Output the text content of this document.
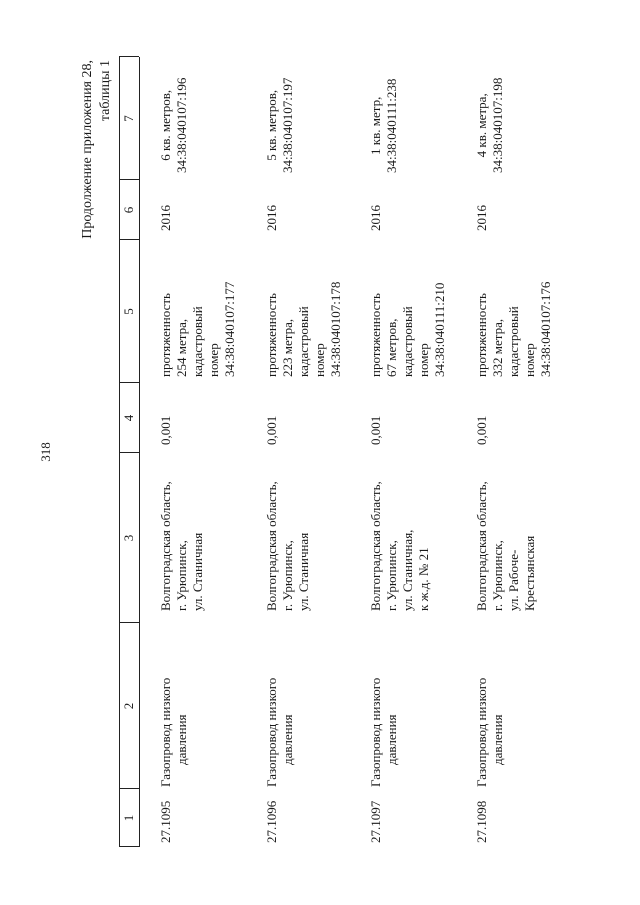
318
Продолжение приложения 28, таблицы 1
1
2
3
4
5
6
7
27.1095
Газопровод низкого давления
Волгоградская область, г. Урюпинск, ул. Станичная
0,001
протяженность 254 метра, кадастровый номер 34:38:040107:177
2016
6 кв. метров, 34:38:040107:196
27.1096
Газопровод низкого давления
Волгоградская область, г. Урюпинск, ул. Станичная
0,001
протяженность 223 метра, кадастровый номер 34:38:040107:178
2016
5 кв. метров, 34:38:040107:197
27.1097
Газопровод низкого давления
Волгоградская область, г. Урюпинск, ул. Станичная, к ж.д. № 21
0,001
протяженность 67 метров, кадастровый номер 34:38:040111:210
2016
1 кв. метр, 34:38:040111:238
27.1098
Газопровод низкого давления
Волгоградская область, г. Урюпинск, ул. Рабоче- Крестьянская
0,001
протяженность 332 метра, кадастровый номер 34:38:040107:176
2016
4 кв. метра, 34:38:040107:198
